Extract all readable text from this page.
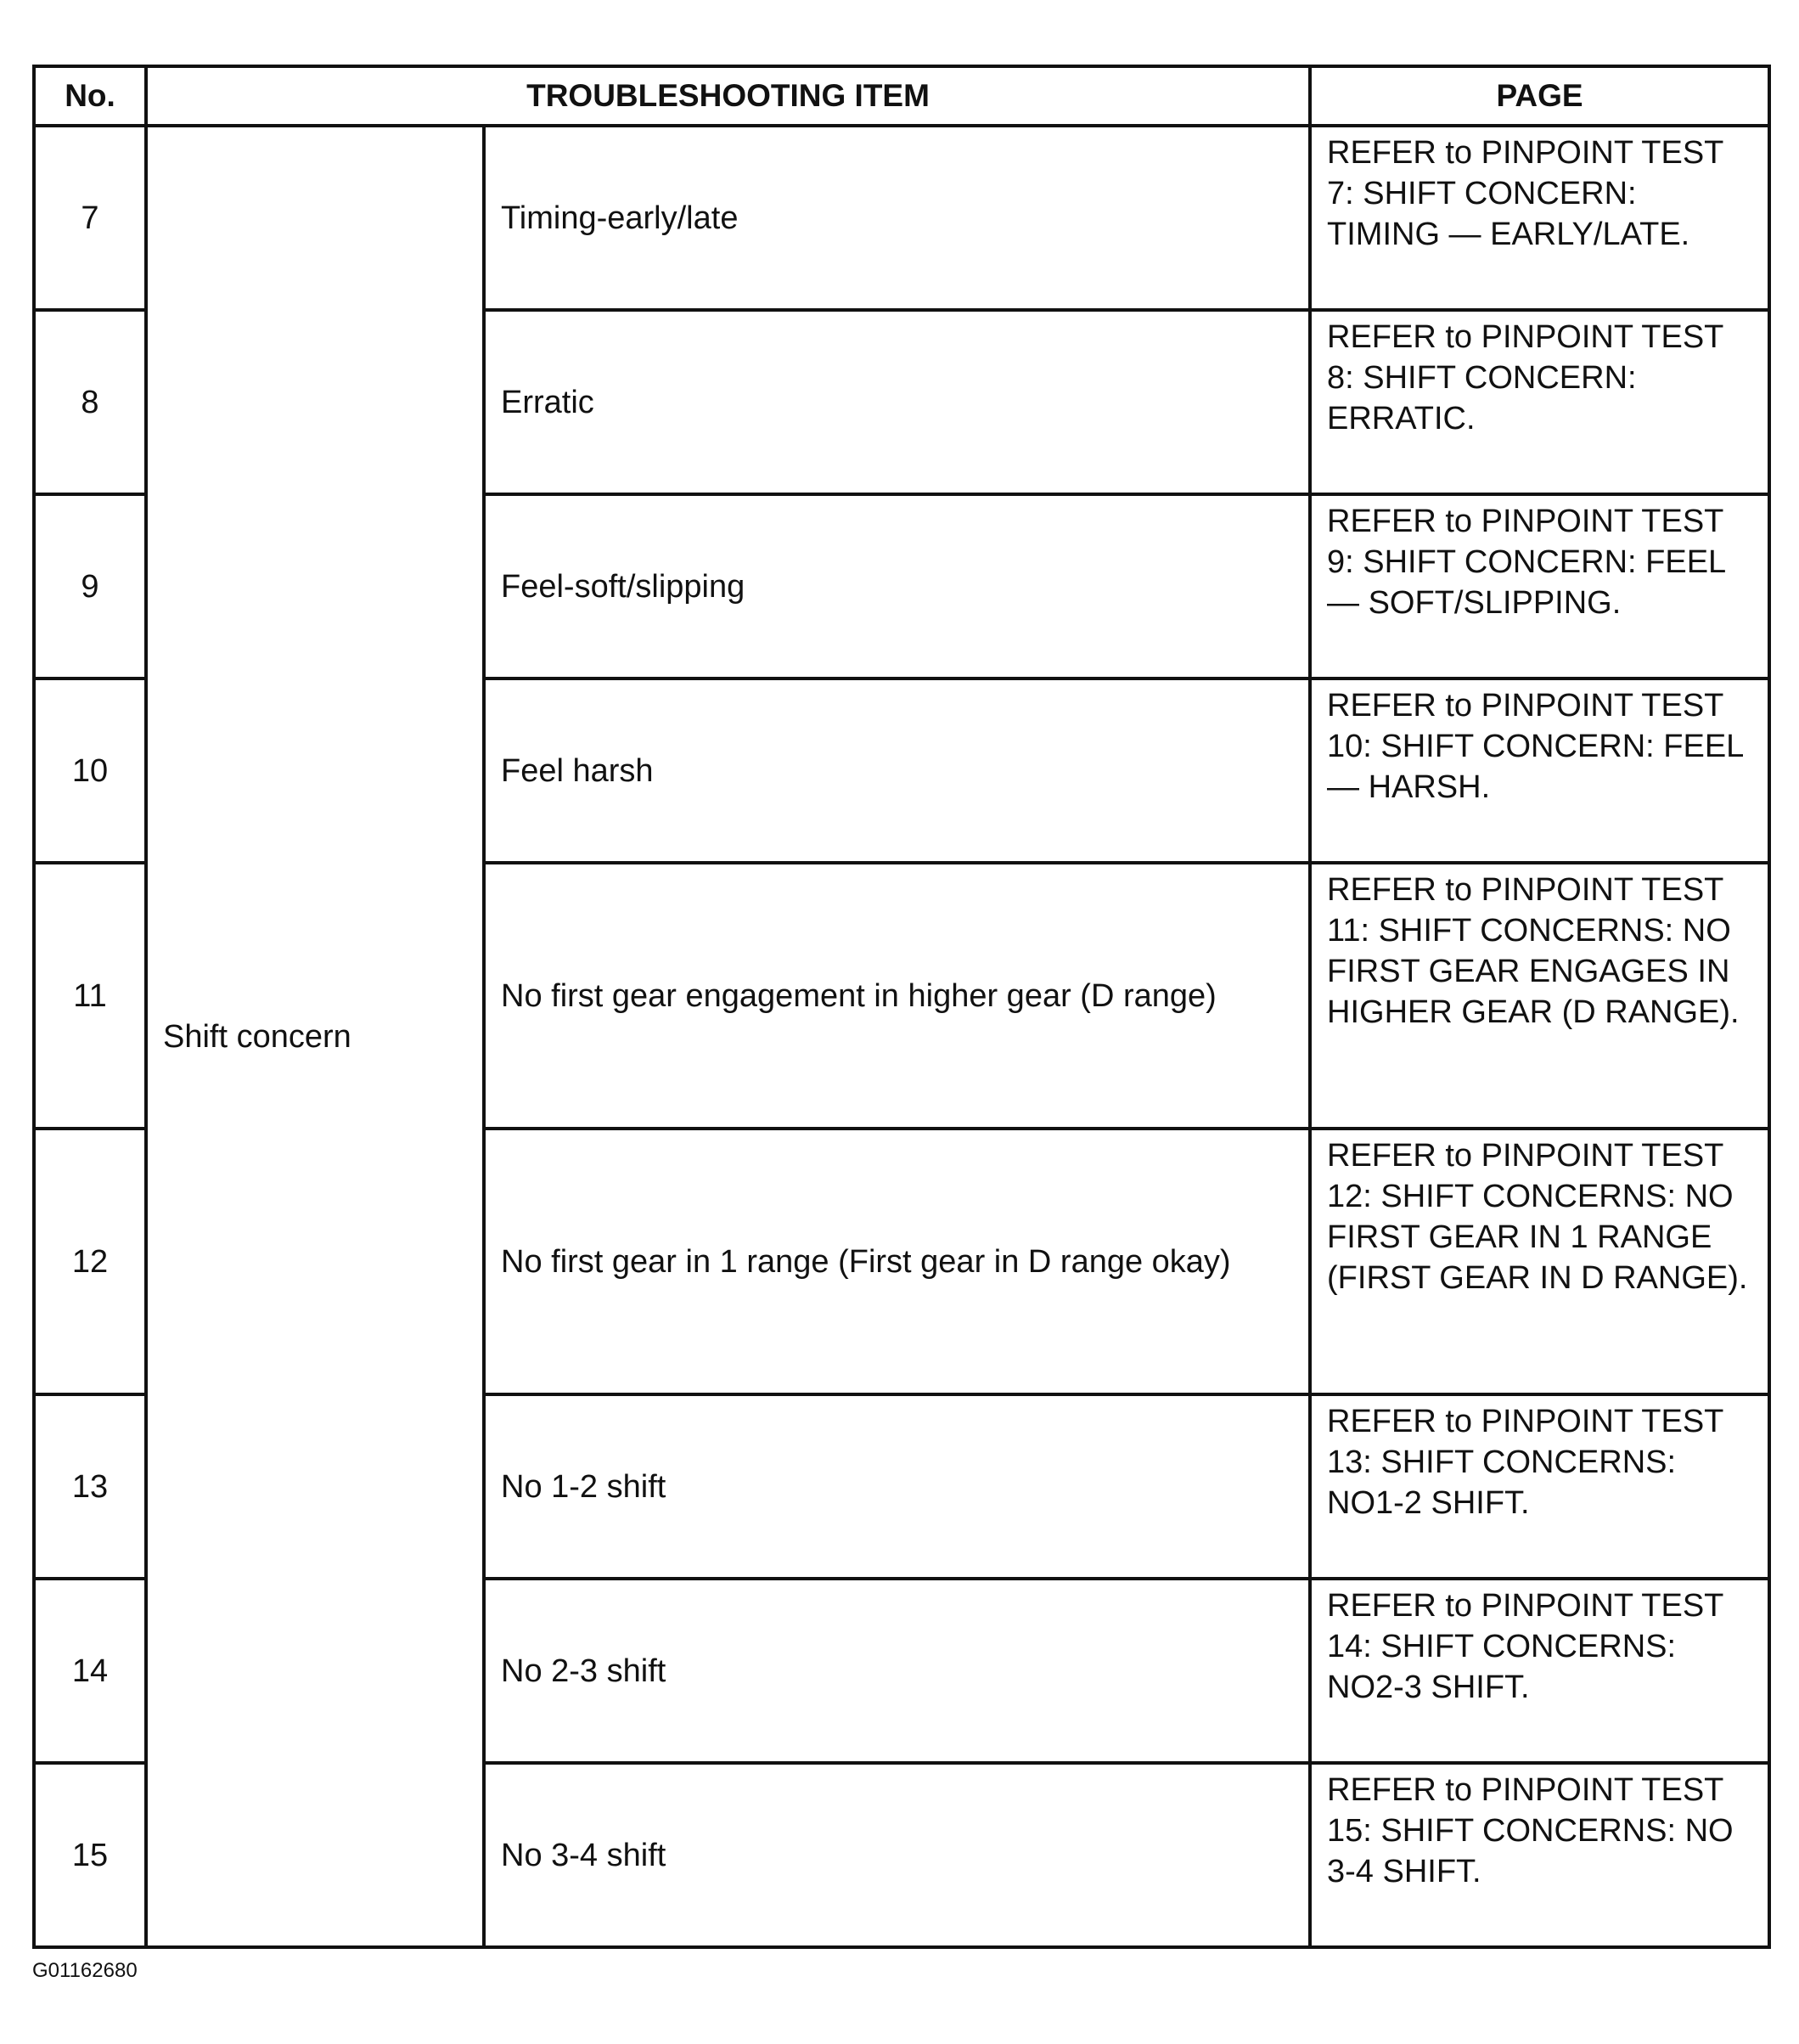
No.	TROUBLESHOOTING ITEM		PAGE
7	Shift concern	Timing-early/late	REFER to PINPOINT TEST 7: SHIFT CONCERN: TIMING — EARLY/LATE.
8		Erratic	REFER to PINPOINT TEST 8: SHIFT CONCERN: ERRATIC.
9		Feel-soft/slipping	REFER to PINPOINT TEST 9: SHIFT CONCERN: FEEL — SOFT/SLIPPING.
10		Feel harsh	REFER to PINPOINT TEST 10: SHIFT CONCERN: FEEL — HARSH.
11		No first gear engagement in higher gear (D range)	REFER to PINPOINT TEST 11: SHIFT CONCERNS: NO FIRST GEAR ENGAGES IN HIGHER GEAR (D RANGE).
12		No first gear in 1 range (First gear in D range okay)	REFER to PINPOINT TEST 12: SHIFT CONCERNS: NO FIRST GEAR IN 1 RANGE (FIRST GEAR IN D RANGE).
13		No 1-2 shift	REFER to PINPOINT TEST 13: SHIFT CONCERNS: NO1-2 SHIFT.
14		No 2-3 shift	REFER to PINPOINT TEST 14: SHIFT CONCERNS: NO2-3 SHIFT.
15		No 3-4 shift	REFER to PINPOINT TEST 15: SHIFT CONCERNS: NO 3-4 SHIFT.
G01162680
